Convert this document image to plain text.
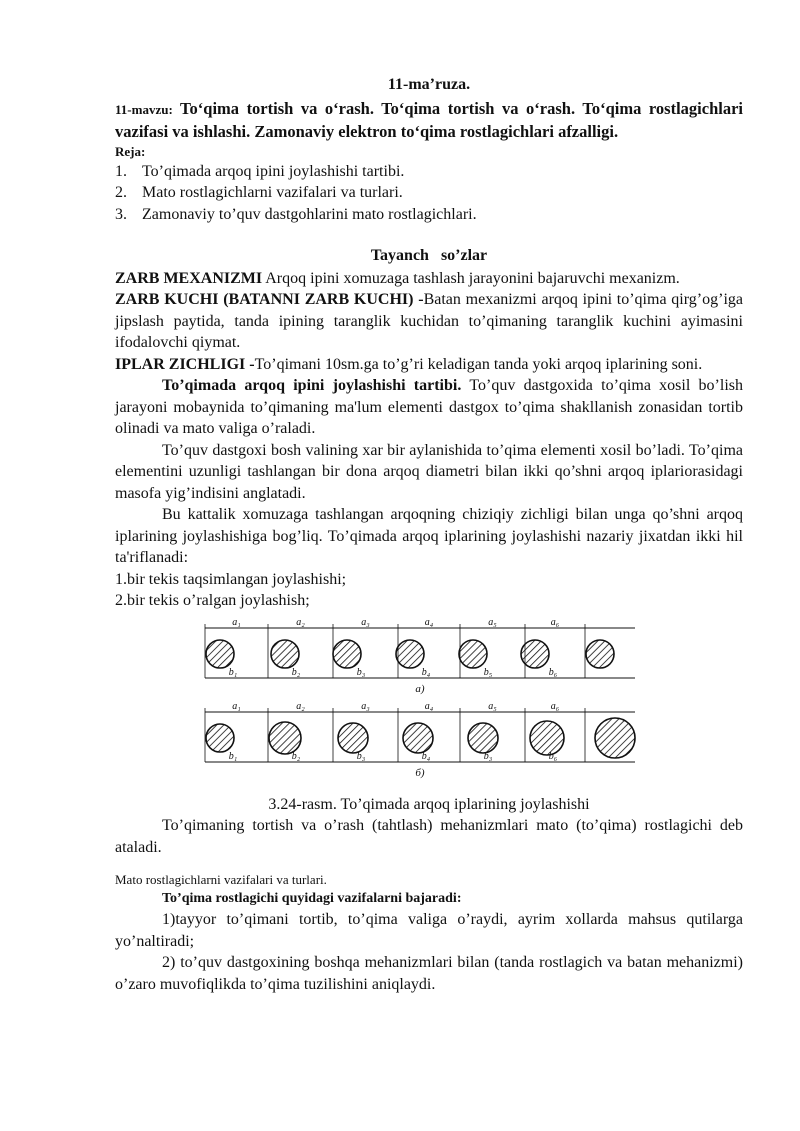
11-ma’ruza.

11-mavzu: To‘qima tortish va o‘rash. To‘qima tortish va o‘rash. To‘qima rostlagichlari vazifasi va ishlashi. Zamonaviy elektron to‘qima rostlagichlari afzalligi.

Reja:

1. To’qimada arqoq ipini joylashishi tartibi.
2. Mato rostlagichlarni vazifalari va turlari.
3. Zamonaviy to’quv dastgohlarini mato rostlagichlari.

Tayanch so’zlar

ZARB MEXANIZMI Arqoq ipini xomuzaga tashlash jarayonini bajaruvchi mexanizm.

ZARB KUCHI (BATANNI ZARB KUCHI) -Batan mexanizmi arqoq ipini to’qima qirg’og’iga jipslash paytida, tanda ipining taranglik kuchidan to’qimaning taranglik kuchini ayimasini ifodalovchi qiymat.

IPLAR ZICHLIGI -To’qimani 10sm.ga to’g’ri keladigan tanda yoki arqoq iplarining soni.

To’qimada arqoq ipini joylashishi tartibi. To’quv dastgoxida to’qima xosil bo’lish jarayoni mobaynida to’qimaning ma'lum elementi dastgox to’qima shakllanish zonasidan tortib olinadi va mato valiga o’raladi.

To’quv dastgoxi bosh valining xar bir aylanishida to’qima elementi xosil bo’ladi. To’qima elementini uzunligi tashlangan bir dona arqoq diametri bilan ikki qo’shni arqoq iplariorasidagi masofa yig’indisini anglatadi.

Bu kattalik xomuzaga tashlangan arqoqning chiziqiy zichligi bilan unga qo’shni arqoq iplarining joylashishiga bog’liq. To’qimada arqoq iplarining joylashishi nazariy jixatdan ikki hil ta'riflanadi:

1.bir tekis taqsimlangan joylashishi;

2.bir tekis o’ralgan joylashish;

a₁	a₂	a₃	a₄	a₅	a₆
b₁	b₂	b₃	b₄	b₅	b₆
a)
a₁	a₂	a₃	a₄	a₅	a₆
b₁	b₂	b₃	b₄	b₃	b₆
б)

3.24-rasm. To’qimada arqoq iplarining joylashishi

To’qimaning tortish va o’rash (tahtlash) mehanizmlari mato (to’qima) rostlagichi deb ataladi.

Mato rostlagichlarni vazifalari va turlari.

To’qima rostlagichi quyidagi vazifalarni bajaradi:

1)tayyor to’qimani tortib, to’qima valiga o’raydi, ayrim xollarda mahsus qutilarga yo’naltiradi;

2) to’quv dastgoxining boshqa mehanizmlari bilan (tanda rostlagich va batan mehanizmi) o’zaro muvofiqlikda to’qima tuzilishini aniqlaydi.
